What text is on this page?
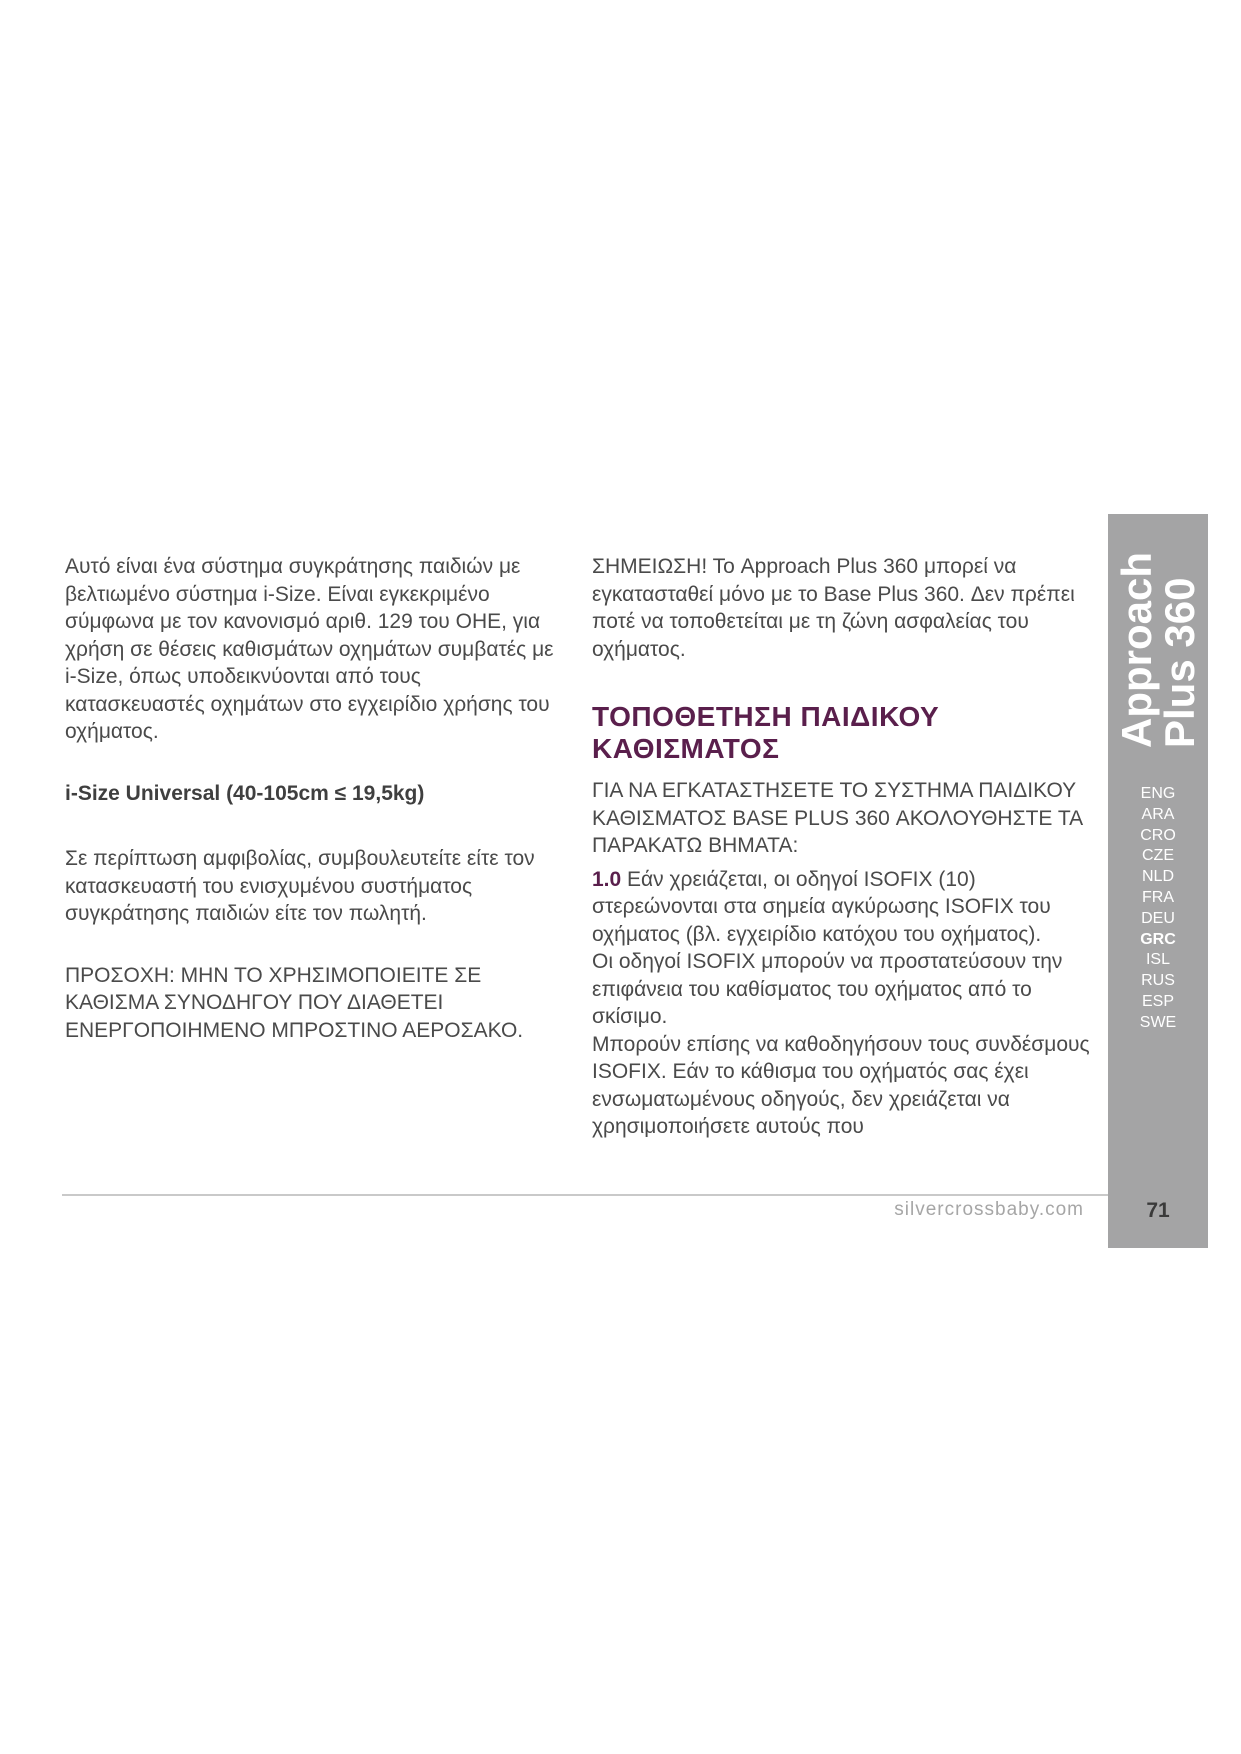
Αυτό είναι ένα σύστημα συγκράτησης παιδιών με βελτιωμένο σύστημα i-Size. Είναι εγκεκριμένο σύμφωνα με τον κανονισμό αριθ. 129 του ΟΗΕ, για χρήση σε θέσεις καθισμάτων οχημάτων συμβατές με i-Size, όπως υποδεικνύονται από τους κατασκευαστές οχημάτων στο εγχειρίδιο χρήσης του οχήματος.

i-Size Universal (40-105cm ≤ 19,5kg)

Σε περίπτωση αμφιβολίας, συμβουλευτείτε είτε τον κατασκευαστή του ενισχυμένου συστήματος συγκράτησης παιδιών είτε τον πωλητή.

ΠΡΟΣΟΧΗ: ΜΗΝ ΤΟ ΧΡΗΣΙΜΟΠΟΙΕΙΤΕ ΣΕ ΚΑΘΙΣΜΑ ΣΥΝΟΔΗΓΟΥ ΠΟΥ ΔΙΑΘΕΤΕΙ ΕΝΕΡΓΟΠΟΙΗΜΕΝΟ ΜΠΡΟΣΤΙΝΟ ΑΕΡΟΣΑΚΟ.

ΣΗΜΕΙΩΣΗ! Το Approach Plus 360 μπορεί να εγκατασταθεί μόνο με το Base Plus 360. Δεν πρέπει ποτέ να τοποθετείται με τη ζώνη ασφαλείας του οχήματος.

ΤΟΠΟΘΕΤΗΣΗ ΠΑΙΔΙΚΟΥ
ΚΑΘΙΣΜΑΤΟΣ

ΓΙΑ ΝΑ ΕΓΚΑΤΑΣΤΗΣΕΤΕ ΤΟ ΣΥΣΤΗΜΑ ΠΑΙΔΙΚΟΥ ΚΑΘΙΣΜΑΤΟΣ BASE PLUS 360 ΑΚΟΛΟΥΘΗΣΤΕ ΤΑ ΠΑΡΑΚΑΤΩ ΒΗΜΑΤΑ:

1.0 Εάν χρειάζεται, οι οδηγοί ISOFIX (10) στερεώνονται στα σημεία αγκύρωσης ISOFIX του οχήματος (βλ. εγχειρίδιο κατόχου του οχήματος).

Οι οδηγοί ISOFIX μπορούν να προστατεύσουν την επιφάνεια του καθίσματος του οχήματος από το σκίσιμο.

Μπορούν επίσης να καθοδηγήσουν τους συνδέσμους ISOFIX. Εάν το κάθισμα του οχήματός σας έχει ενσωματωμένους οδηγούς, δεν χρειάζεται να χρησιμοποιήσετε αυτούς που

silvercrossbaby.com
Approach
Plus 360
ENG
ARA
CRO
CZE
NLD
FRA
DEU
GRC
ISL
RUS
ESP
SWE
71
